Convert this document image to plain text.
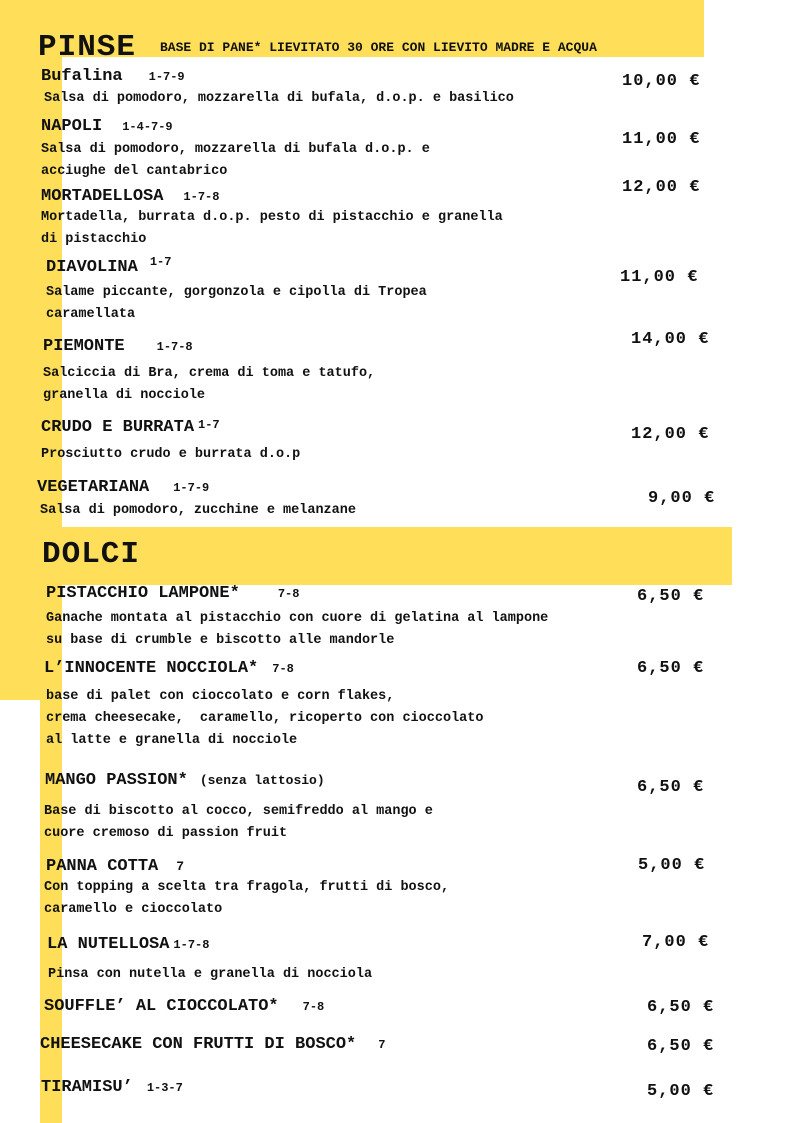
PINSE BASE DI PANE* LIEVITATO 30 ORE CON LIEVITO MADRE E ACQUA
Bufalina 1-7-9
Salsa di pomodoro, mozzarella di bufala, d.o.p. e basilico
10,00 €
NAPOLI 1-4-7-9
Salsa di pomodoro, mozzarella di bufala d.o.p. e
acciughe del cantabrico
11,00 €
MORTADELLOSA 1-7-8
Mortadella, burrata d.o.p. pesto di pistacchio e granella
di pistacchio
12,00 €
DIAVOLINA $^{1-7}$
Salame piccante, gorgonzola e cipolla di Tropea
caramellata
11,00 €
PIEMONTE	1-7-8
Salciccia di Bra, crema di toma e tatufo,
granella di nocciole
14,00 €
CRUDO E BURRATA 1-7
Prosciutto crudo e burrata d.o.p
12,00 €
VEGETARIANA 1-7-9
Salsa di pomodoro, zucchine e melanzane
9,00 €
DOLCI
PISTACCHIO LAMPONE*	7-8
Ganache montata al pistacchio con cuore di gelatina al lampone
su base di crumble e biscotto alle mandorle
6,50 €
L’INNOCENTE NOCCIOLA* 7-8
base di palet con cioccolato e corn flakes,
crema cheesecake,  caramello, ricoperto con cioccolato
al latte e granella di nocciole
6,50 €
MANGO PASSION* (senza lattosio)
Base di biscotto al cocco, semifreddo al mango e
cuore cremoso di passion fruit
6,50 €
PANNA COTTA 7
Con topping a scelta tra fragola, frutti di bosco,
caramello e cioccolato
5,00 €
LA NUTELLOSA 1-7-8
Pinsa con nutella e granella di nocciola
7,00 €
SOUFFLE’ AL CIOCCOLATO* 7-8	6,50 €
CHEESECAKE CON FRUTTI DI BOSCO* 7	6,50 €
TIRAMISU’ 1-3-7	5,00 €
